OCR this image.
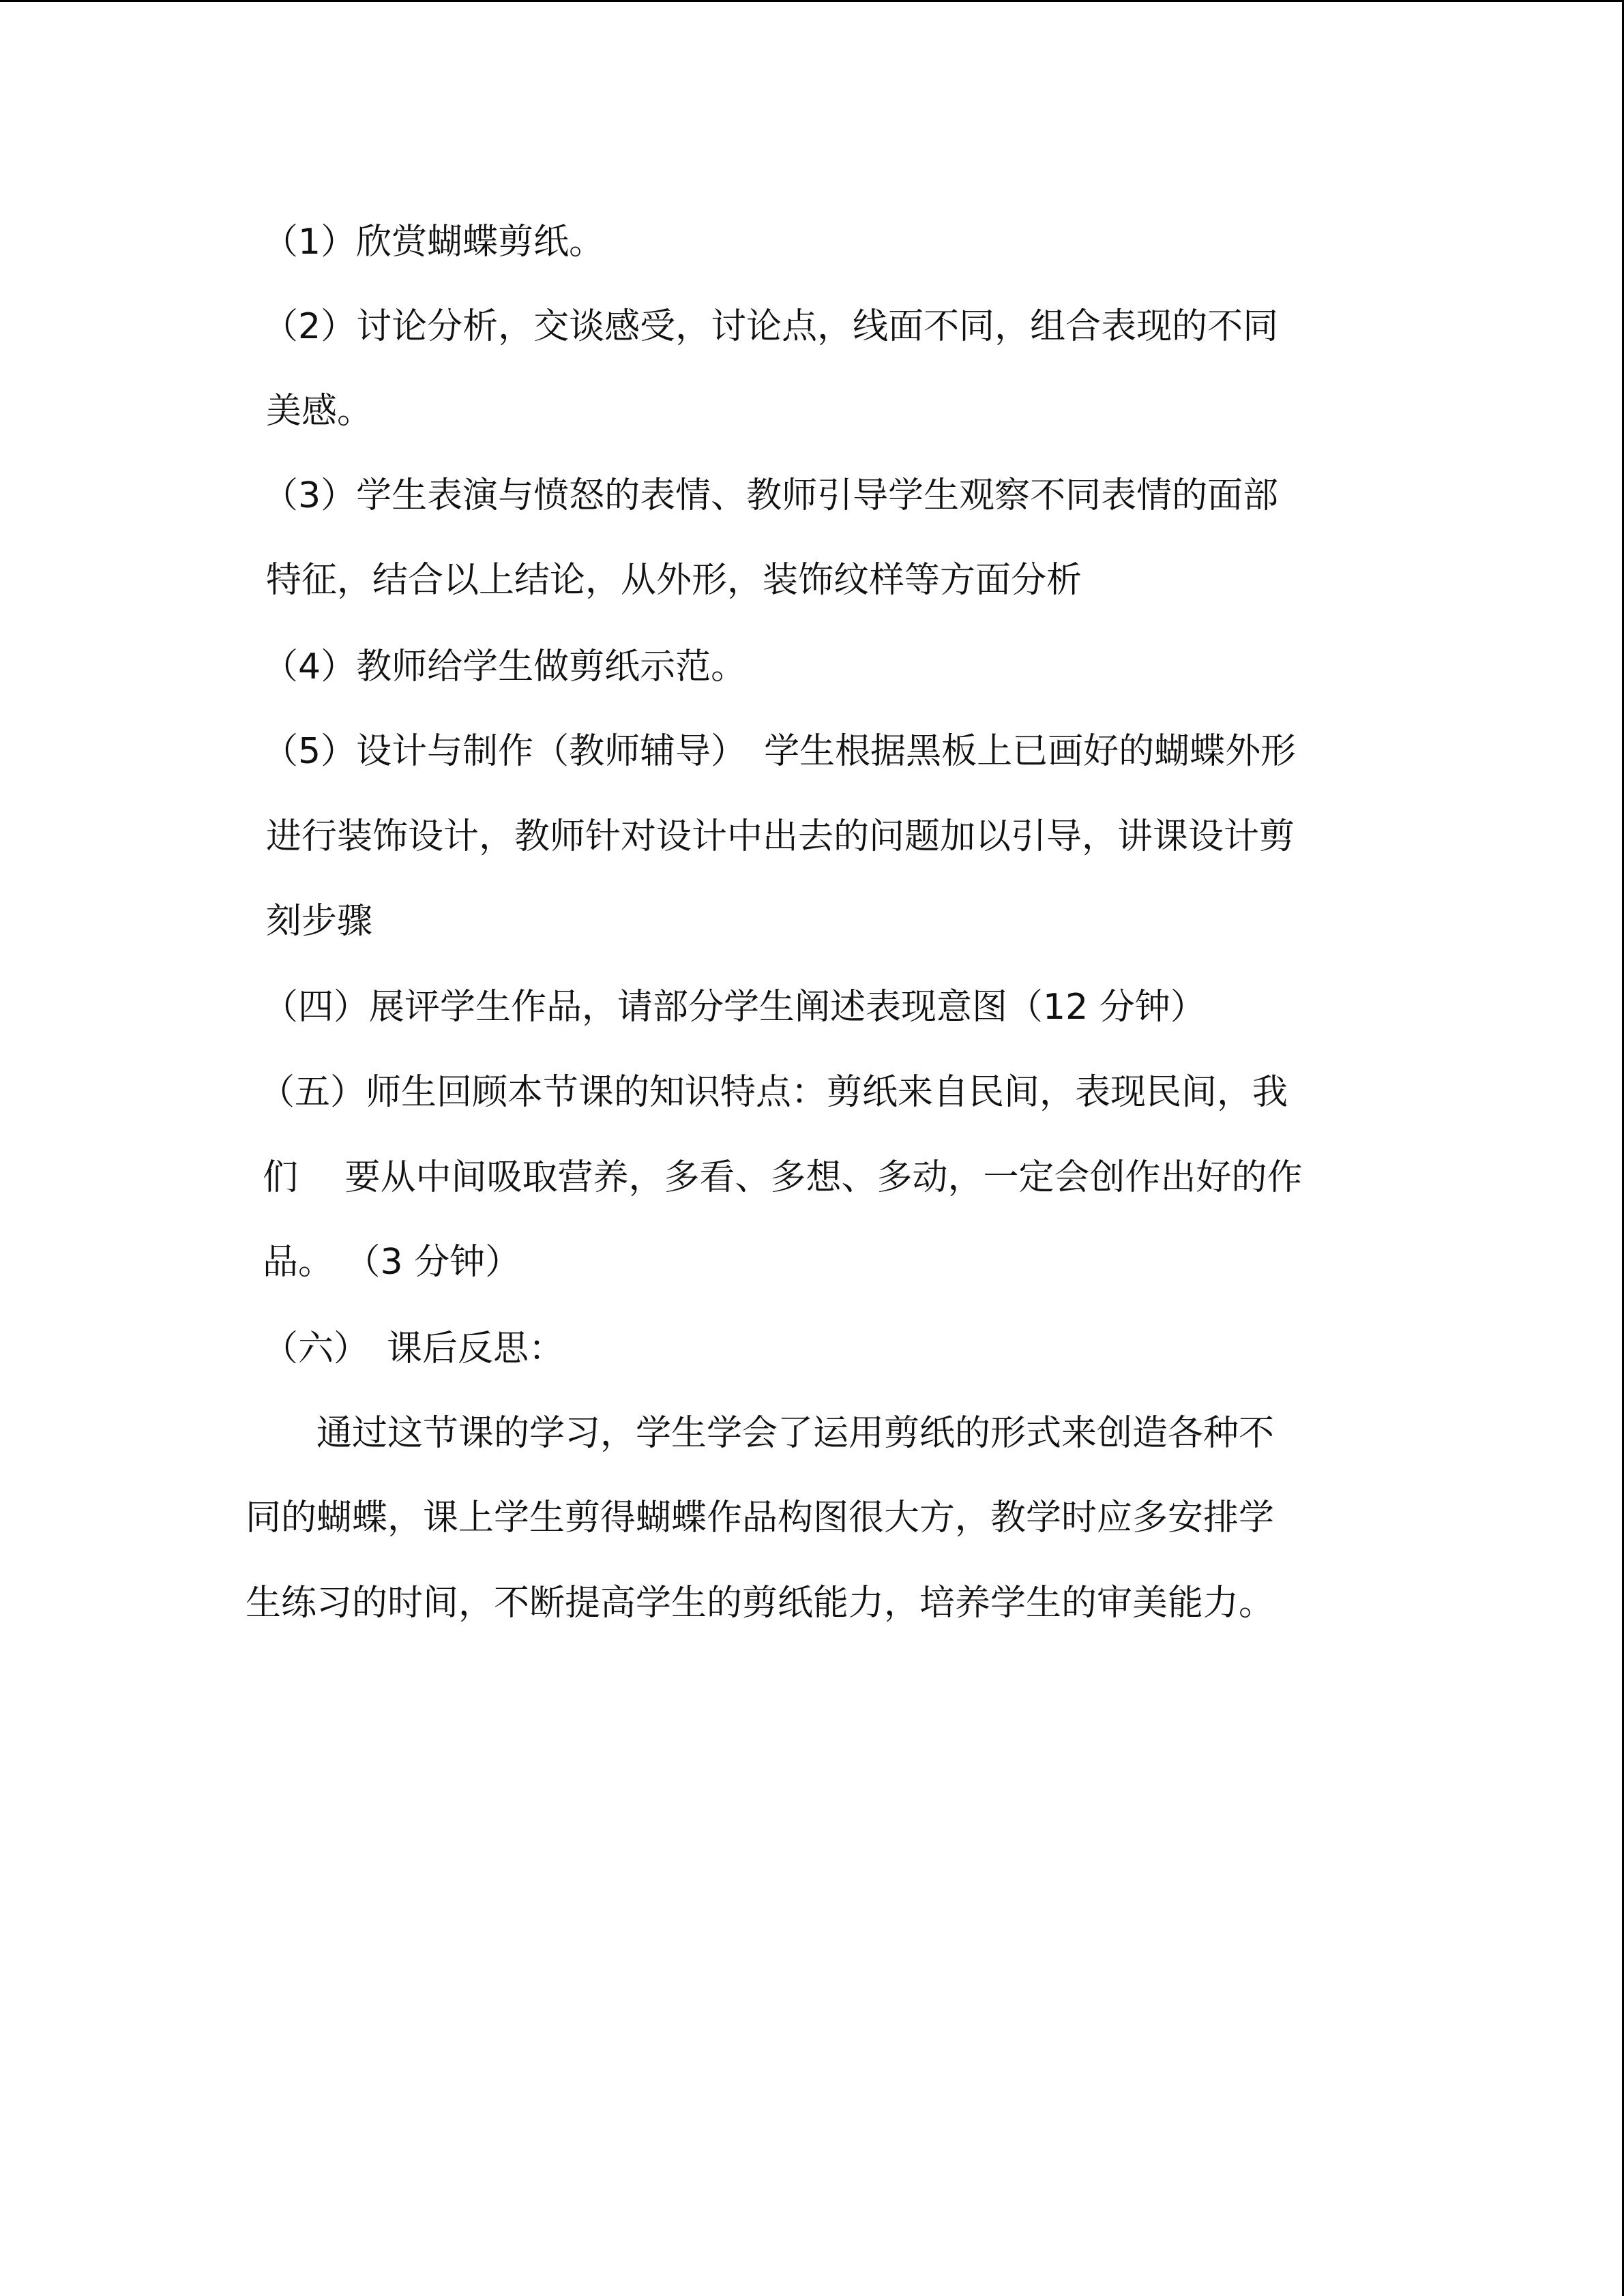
（1）欣赏蝴蝶剪纸。
（2）讨论分析，交谈感受，讨论点，线面不同，组合表现的不同
美感。
（3）学生表演与愤怒的表情、教师引导学生观察不同表情的面部
特征，结合以上结论，从外形，装饰纹样等方面分析
（4）教师给学生做剪纸示范。
（5）设计与制作（教师辅导）　学生根据黑板上已画好的蝴蝶外形
进行装饰设计，教师针对设计中出去的问题加以引导，讲课设计剪
刻步骤
（四）展评学生作品，请部分学生阐述表现意图（12 分钟）
（五）师生回顾本节课的知识特点：剪纸来自民间，表现民间，我
们　 要从中间吸取营养，多看、多想、多动，一定会创作出好的作
品。 （3 分钟）
（六）　课后反思：
　　通过这节课的学习，学生学会了运用剪纸的形式来创造各种不
同的蝴蝶，课上学生剪得蝴蝶作品构图很大方，教学时应多安排学
生练习的时间，不断提高学生的剪纸能力，培养学生的审美能力。
